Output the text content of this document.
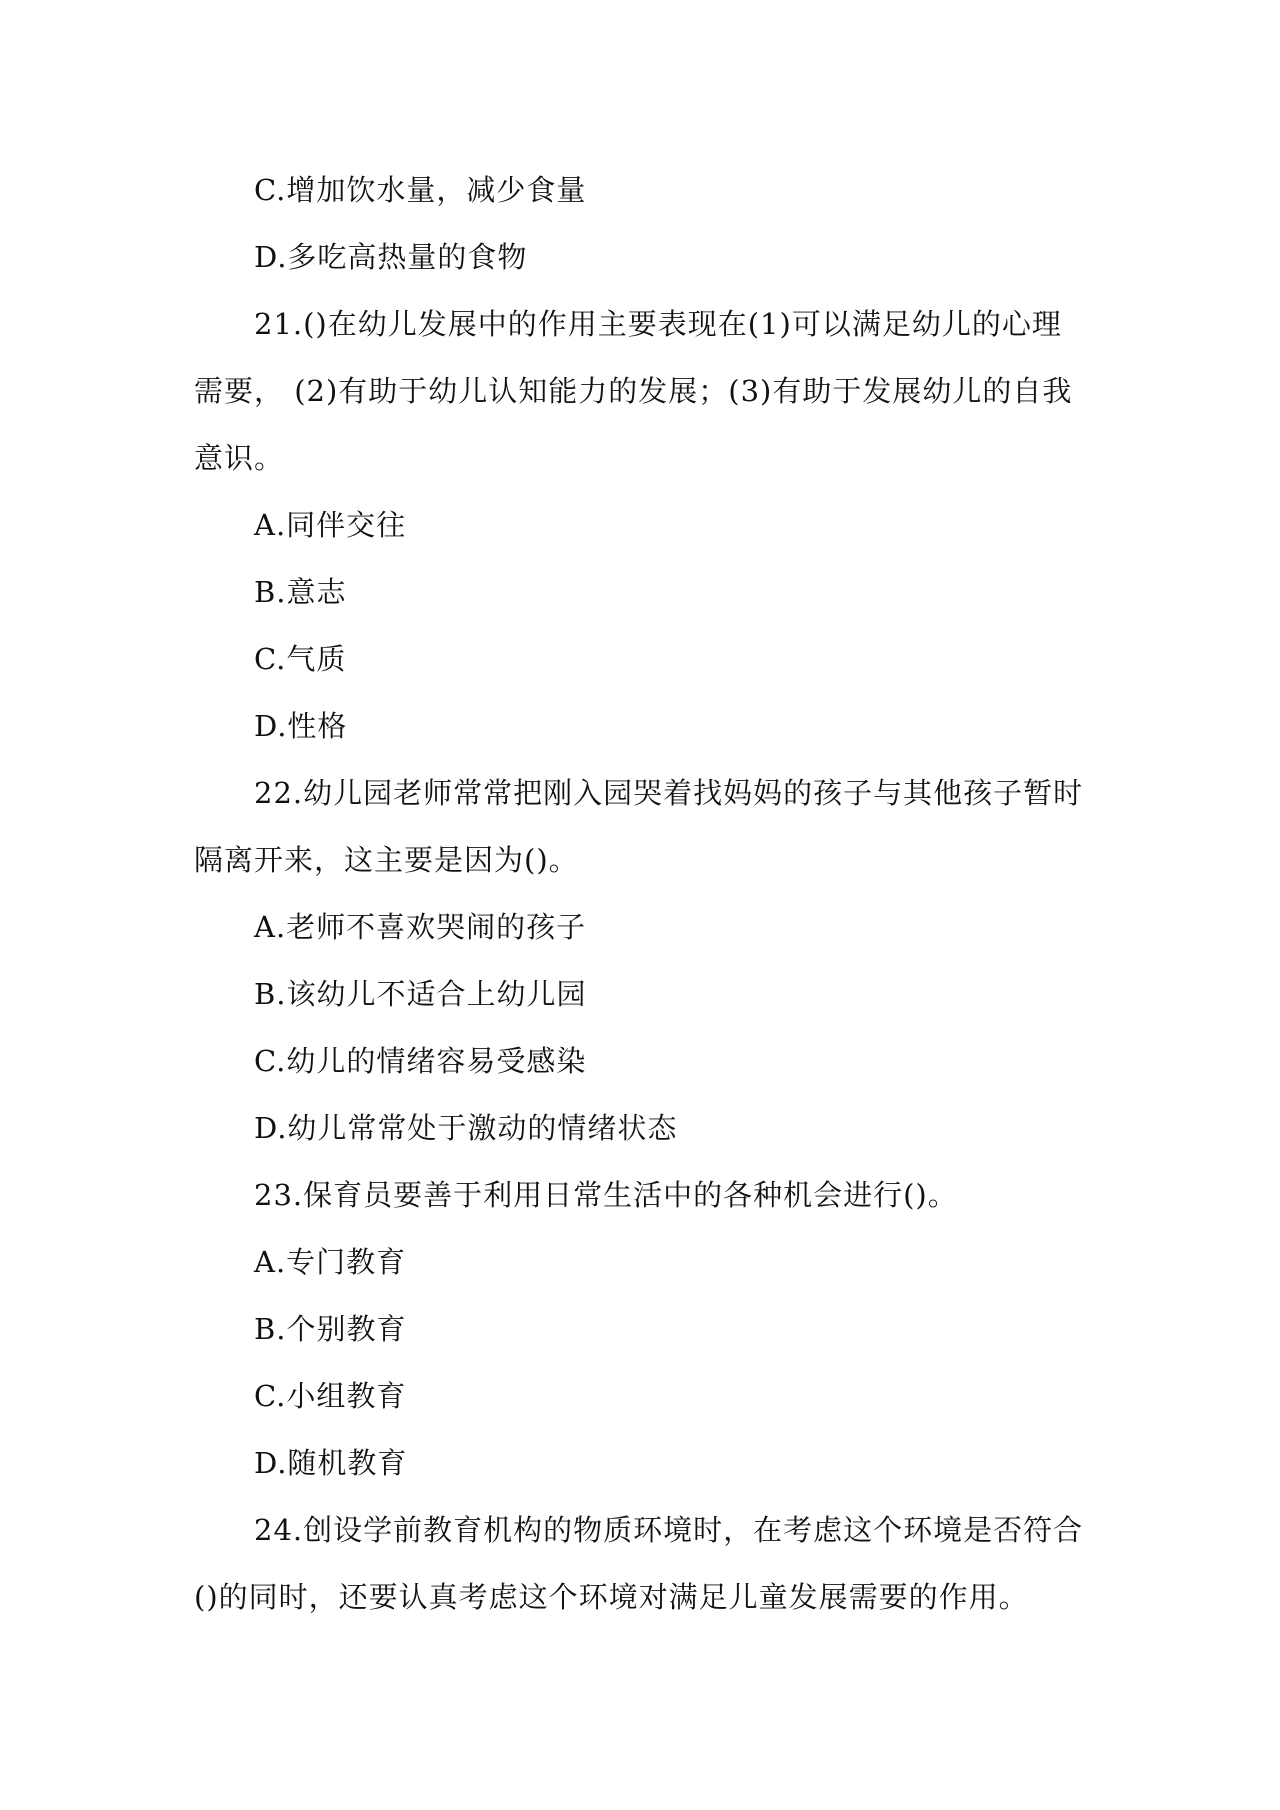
C.增加饮水量，减少食量
D.多吃高热量的食物
21.()在幼儿发展中的作用主要表现在(1)可以满足幼儿的心理
需要， (2)有助于幼儿认知能力的发展；(3)有助于发展幼儿的自我
意识。
A.同伴交往
B.意志
C.气质
D.性格
22.幼儿园老师常常把刚入园哭着找妈妈的孩子与其他孩子暂时
隔离开来，这主要是因为()。
A.老师不喜欢哭闹的孩子
B.该幼儿不适合上幼儿园
C.幼儿的情绪容易受感染
D.幼儿常常处于激动的情绪状态
23.保育员要善于利用日常生活中的各种机会进行()。
A.专门教育
B.个别教育
C.小组教育
D.随机教育
24.创设学前教育机构的物质环境时，在考虑这个环境是否符合
()的同时，还要认真考虑这个环境对满足儿童发展需要的作用。
